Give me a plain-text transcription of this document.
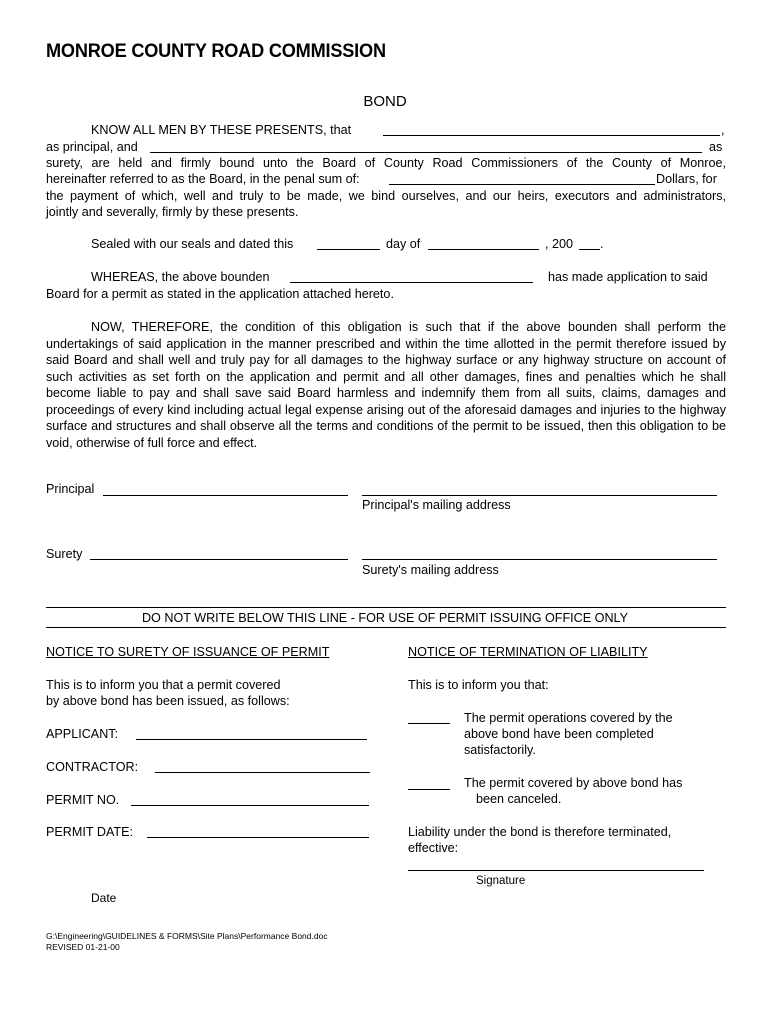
MONROE COUNTY ROAD COMMISSION
BOND
KNOW ALL MEN BY THESE PRESENTS, that	,
as principal, and	as
surety, are held and firmly bound unto the Board of County Road Commissioners of the County of Monroe,
hereinafter referred to as the Board, in the penal sum of:	Dollars, for
the payment of which, well and truly to be made, we bind ourselves, and our heirs, executors and administrators,
jointly and severally, firmly by these presents.
Sealed with our seals and dated this	day of	, 200 .
WHEREAS, the above bounden	has made application to said
Board for a permit as stated in the application attached hereto.

NOW, THEREFORE, the condition of this obligation is such that if the above bounden shall perform the undertakings of said application in the manner prescribed and within the time allotted in the permit therefore issued by said Board and shall well and truly pay for all damages to the highway surface or any highway structure on account of such activities as set forth on the application and permit and all other damages, fines and penalties which he shall become liable to pay and shall save said Board harmless and indemnify them from all suits, claims, damages and proceedings of every kind including actual legal expense arising out of the aforesaid damages and injuries to the highway surface and structures and shall observe all the terms and conditions of the permit to be issued, then this obligation to be void, otherwise of full force and effect.

Principal
Principal's mailing address
Surety
Surety's mailing address
DO NOT WRITE BELOW THIS LINE - FOR USE OF PERMIT ISSUING OFFICE ONLY
NOTICE TO SURETY OF ISSUANCE OF PERMIT
This is to inform you that a permit covered
by above bond has been issued, as follows:
APPLICANT:
CONTRACTOR:
PERMIT NO.
PERMIT DATE:
Date
NOTICE OF TERMINATION OF LIABILITY
This is to inform you that:
The permit operations covered by the
above bond have been completed
satisfactorily.
The permit covered by above bond has
been canceled.
Liability under the bond is therefore terminated,
effective:
Signature
G:\Engineering\GUIDELINES & FORMS\Site Plans\Performance Bond.doc
REVISED 01-21-00
